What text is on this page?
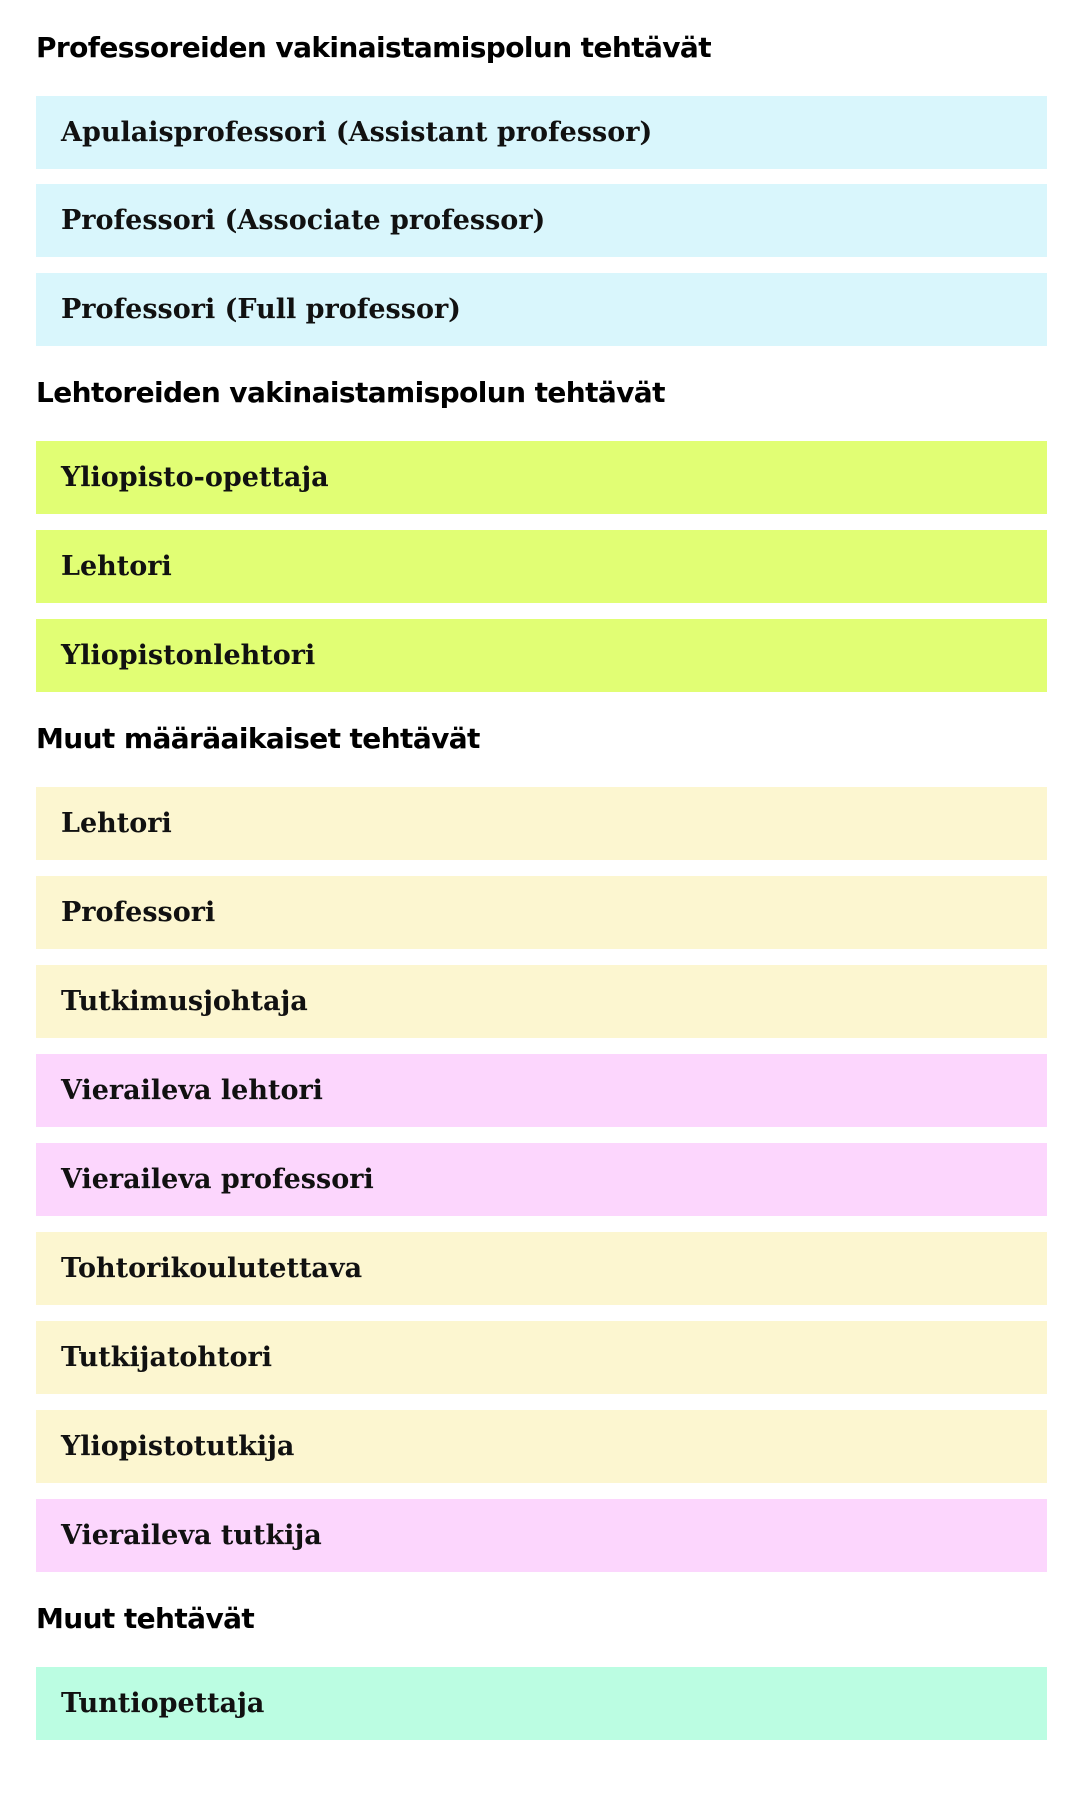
Professoreiden vakinaistamispolun tehtävät
Apulaisprofessori (Assistant professor)
Professori (Associate professor)
Professori (Full professor)
Lehtoreiden vakinaistamispolun tehtävät
Yliopisto-opettaja
Lehtori
Yliopistonlehtori
Muut määräaikaiset tehtävät
Lehtori
Professori
Tutkimusjohtaja
Vieraileva lehtori
Vieraileva professori
Tohtorikoulutettava
Tutkijatohtori
Yliopistotutkija
Vieraileva tutkija
Muut tehtävät
Tuntiopettaja
